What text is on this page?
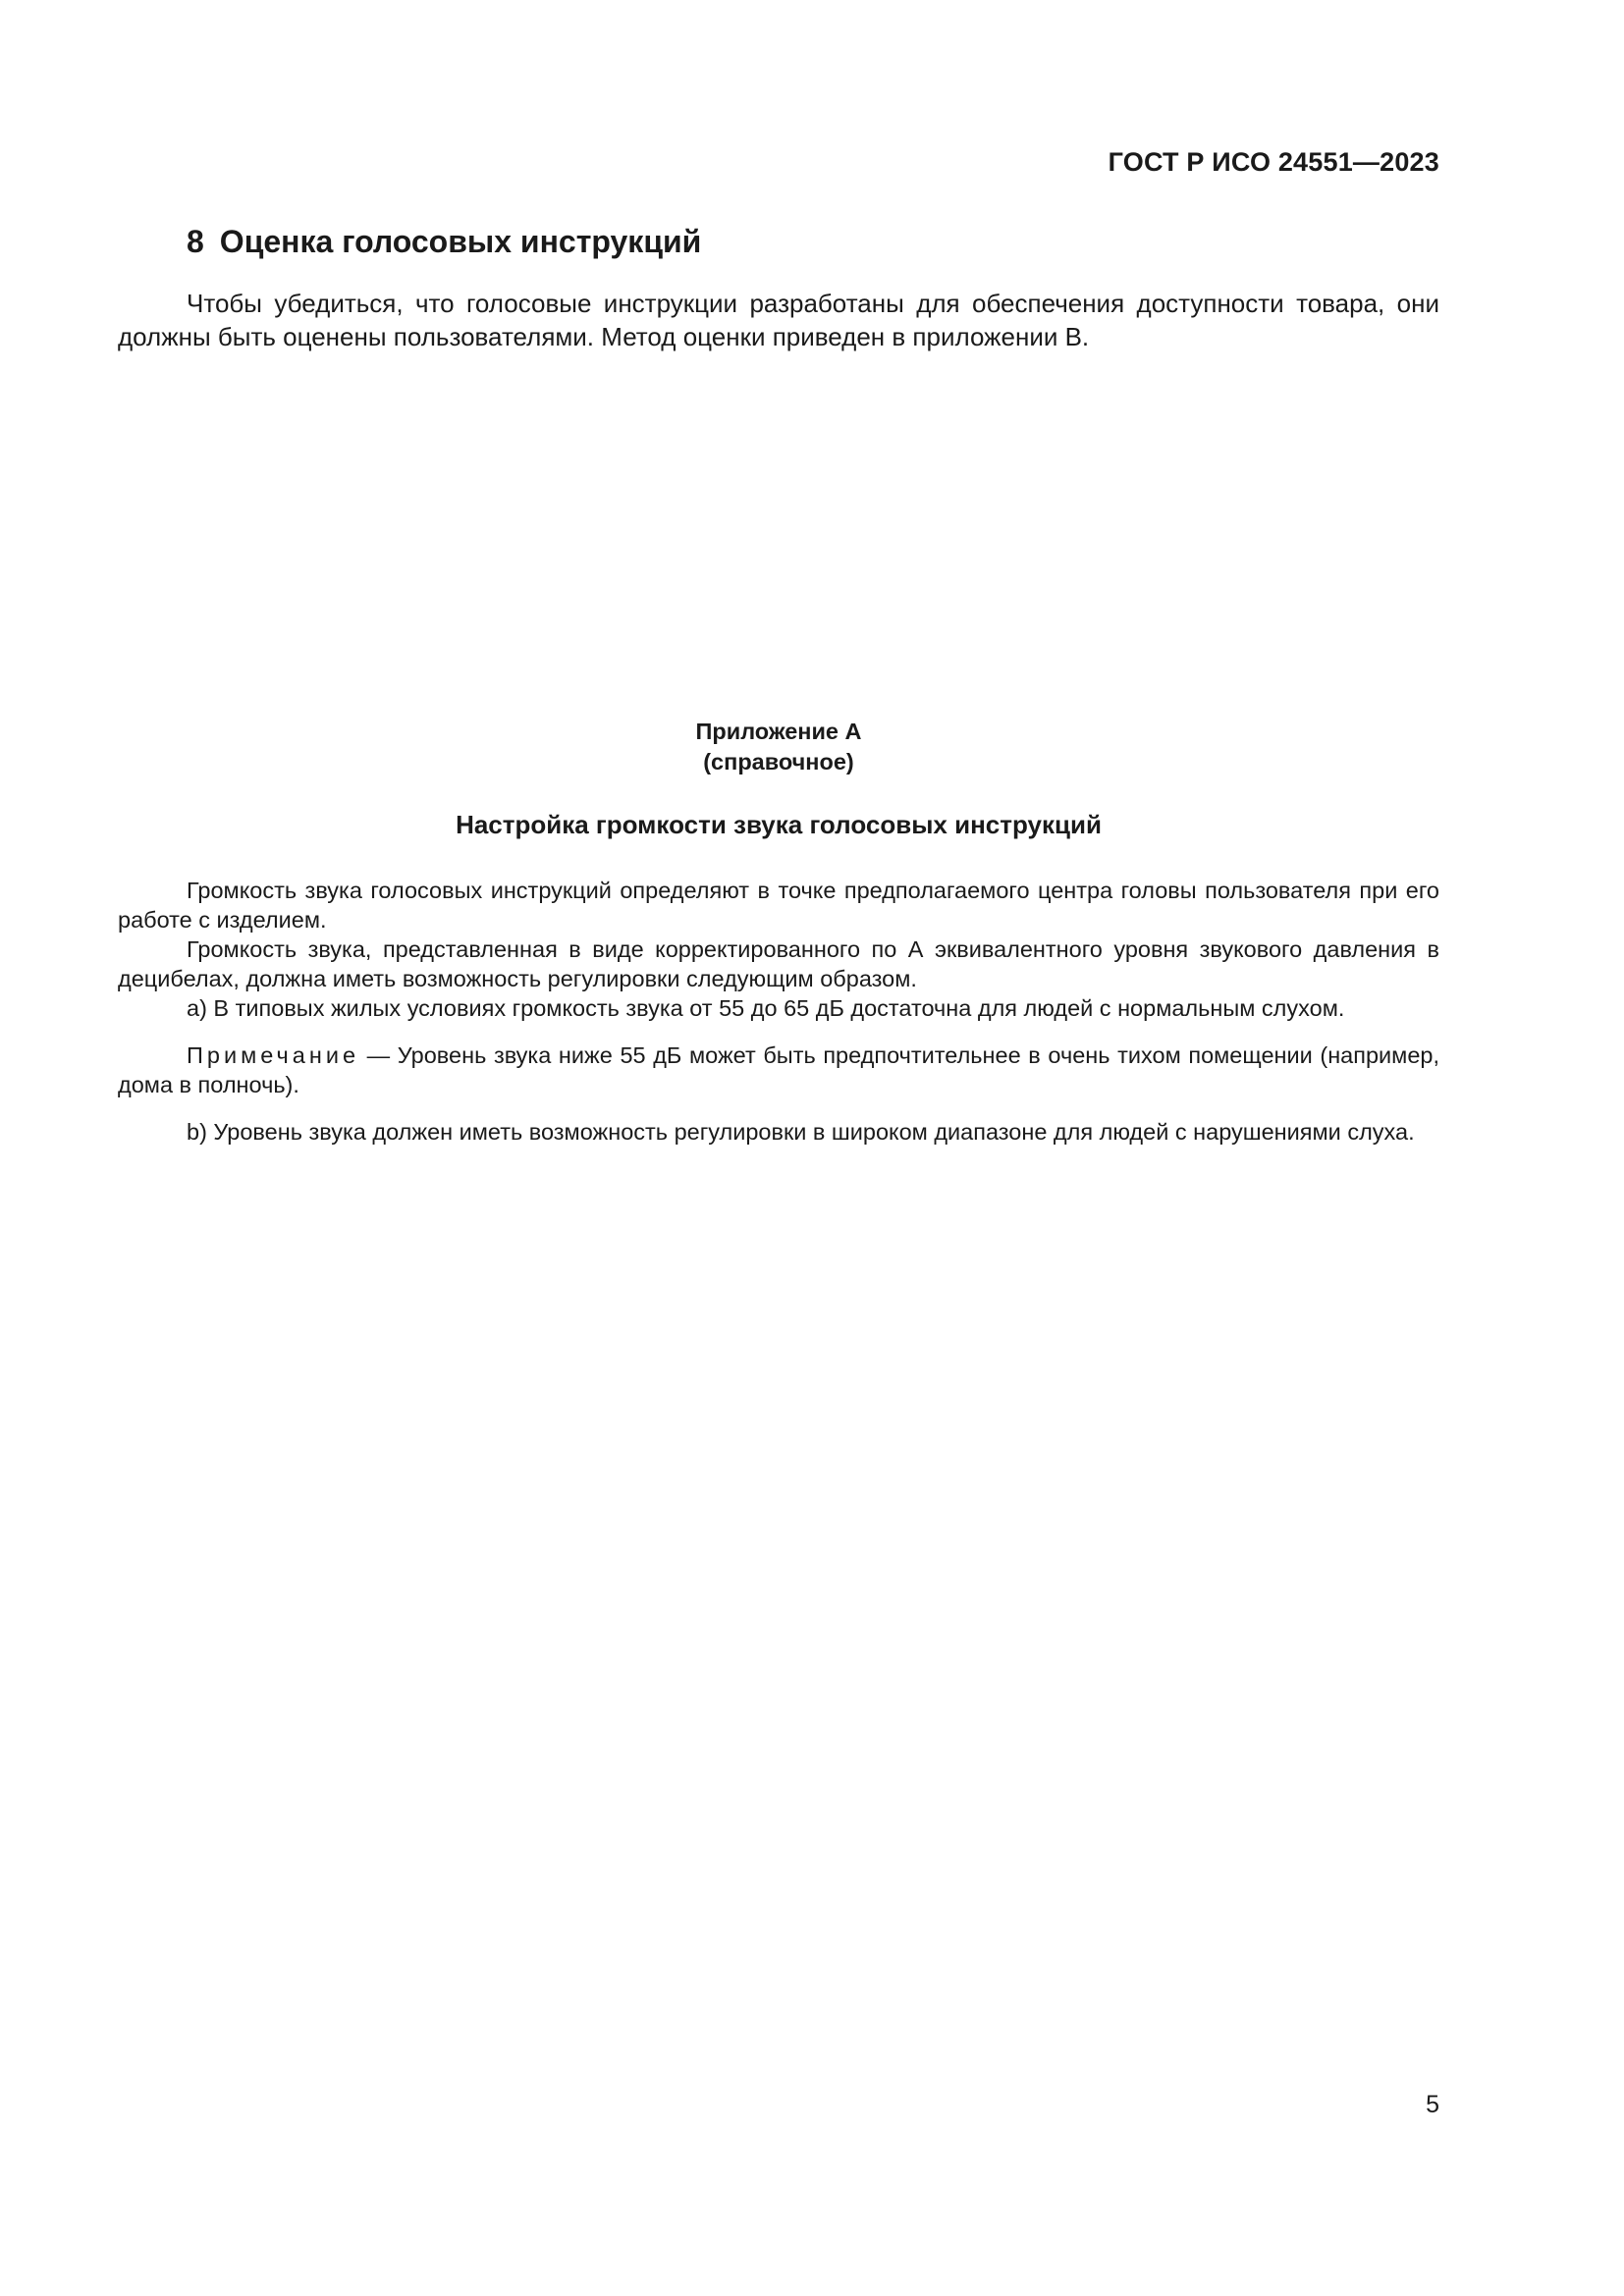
ГОСТ Р ИСО 24551—2023
8 Оценка голосовых инструкций

Чтобы убедиться, что голосовые инструкции разработаны для обеспечения доступности товара, они должны быть оценены пользователями. Метод оценки приведен в приложении В.

Приложение А
(справочное)
Настройка громкости звука голосовых инструкций

Громкость звука голосовых инструкций определяют в точке предполагаемого центра головы пользователя при его работе с изделием.

Громкость звука, представленная в виде корректированного по А эквивалентного уровня звукового давления в децибелах, должна иметь возможность регулировки следующим образом.

а) В типовых жилых условиях громкость звука от 55 до 65 дБ достаточна для людей с нормальным слухом.

Примечание — Уровень звука ниже 55 дБ может быть предпочтительнее в очень тихом помещении (например, дома в полночь).

b) Уровень звука должен иметь возможность регулировки в широком диапазоне для людей с нарушениями слуха.

5
